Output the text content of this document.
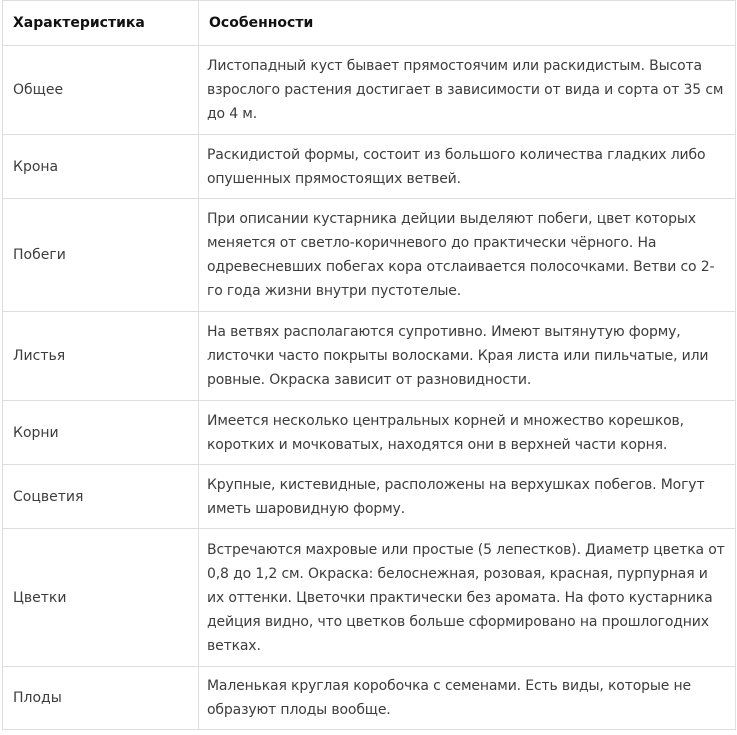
Характеристика	Особенности
Общее	Листопадный куст бывает прямостоячим или раскидистым. Высота взрослого растения достигает в зависимости от вида и сорта от 35 см до 4 м.
Крона	Раскидистой формы, состоит из большого количества гладких либо опушенных прямостоящих ветвей.
Побеги	При описании кустарника дейции выделяют побеги, цвет которых меняется от светло-коричневого до практически чёрного. На одревесневших побегах кора отслаивается полосочками. Ветви со 2-го года жизни внутри пустотелые.
Листья	На ветвях располагаются супротивно. Имеют вытянутую форму, листочки часто покрыты волосками. Края листа или пильчатые, или ровные. Окраска зависит от разновидности.
Корни	Имеется несколько центральных корней и множество корешков, коротких и мочковатых, находятся они в верхней части корня.
Соцветия	Крупные, кистевидные, расположены на верхушках побегов. Могут иметь шаровидную форму.
Цветки	Встречаются махровые или простые (5 лепестков). Диаметр цветка от 0,8 до 1,2 см. Окраска: белоснежная, розовая, красная, пурпурная и их оттенки. Цветочки практически без аромата. На фото кустарника дейция видно, что цветков больше сформировано на прошлогодних ветках.
Плоды	Маленькая круглая коробочка с семенами. Есть виды, которые не образуют плоды вообще.
